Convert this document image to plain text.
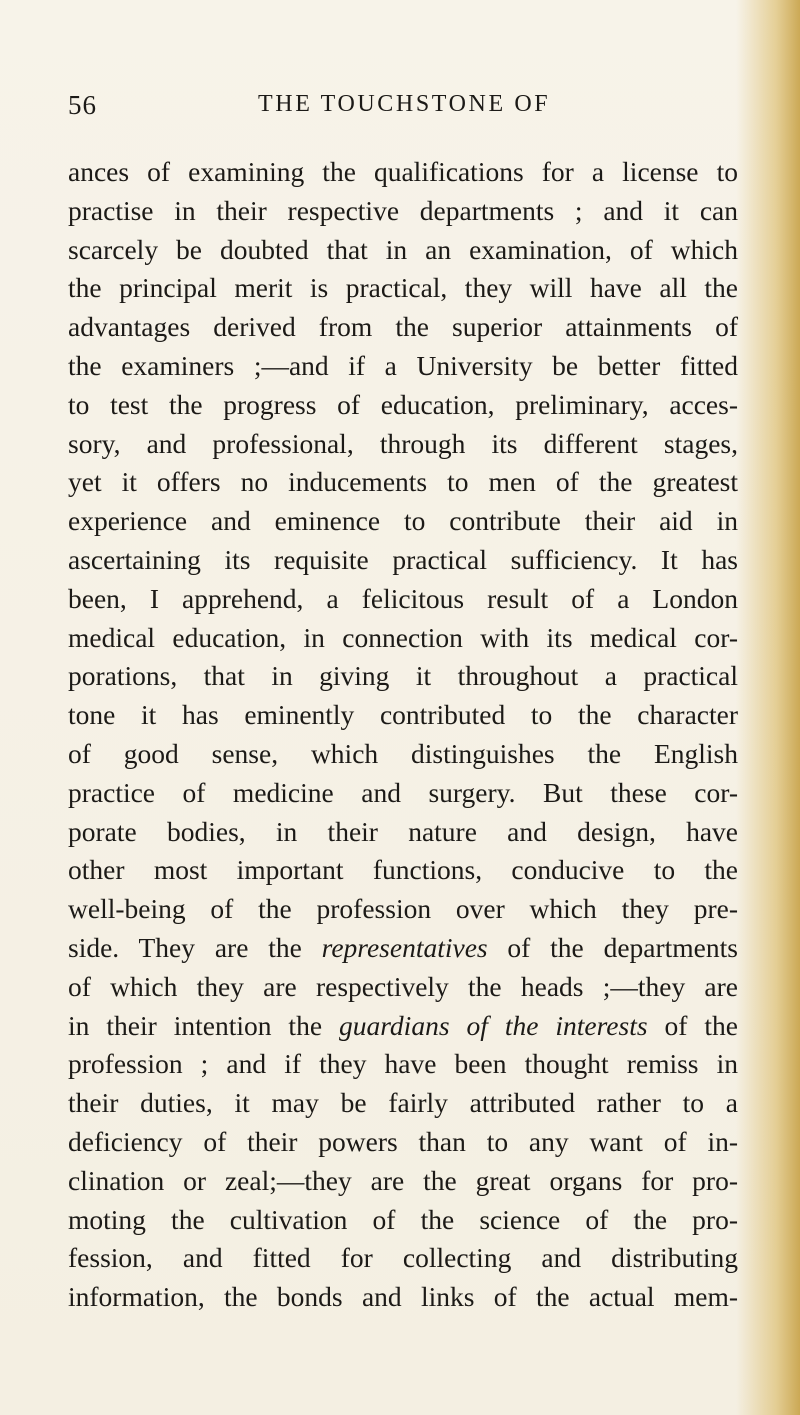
56	THE TOUCHSTONE OF
ances of examining the qualifications for a license to
practise in their respective departments ; and it can
scarcely be doubted that in an examination, of which
the principal merit is practical, they will have all the
advantages derived from the superior attainments of
the examiners ;—and if a University be better fitted
to test the progress of education, preliminary, acces-
sory, and professional, through its different stages,
yet it offers no inducements to men of the greatest
experience and eminence to contribute their aid in
ascertaining its requisite practical sufficiency. It has
been, I apprehend, a felicitous result of a London
medical education, in connection with its medical cor-
porations, that in giving it throughout a practical
tone it has eminently contributed to the character
of good sense, which distinguishes the English
practice of medicine and surgery. But these cor-
porate bodies, in their nature and design, have
other most important functions, conducive to the
well-being of the profession over which they pre-
side. They are the representatives of the departments
of which they are respectively the heads ;—they are
in their intention the guardians of the interests of the
profession ; and if they have been thought remiss in
their duties, it may be fairly attributed rather to a
deficiency of their powers than to any want of in-
clination or zeal;—they are the great organs for pro-
moting the cultivation of the science of the pro-
fession, and fitted for collecting and distributing
information, the bonds and links of the actual mem-
